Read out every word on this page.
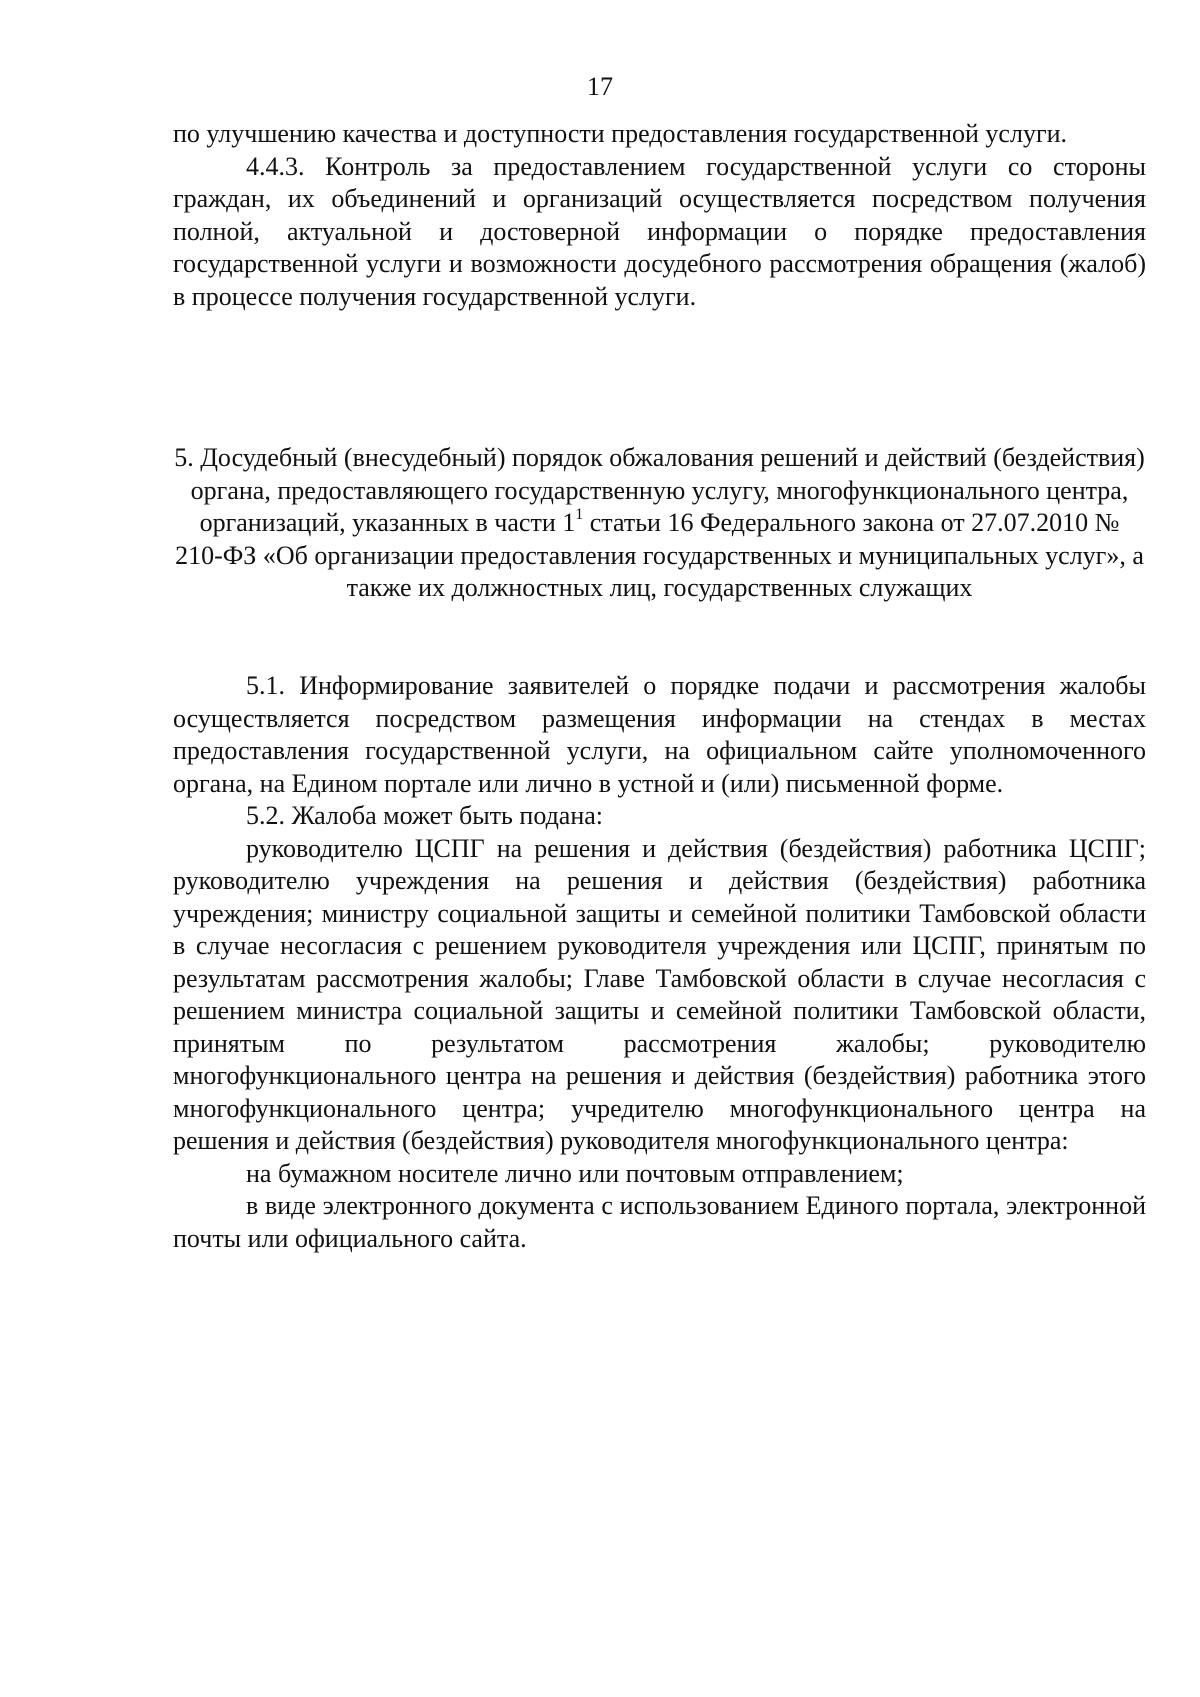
17

по улучшению качества и доступности предоставления государственной услуги.

4.4.3. Контроль за предоставлением государственной услуги со стороны граждан, их объединений и организаций осуществляется посредством получения полной, актуальной и достоверной информации о порядке предоставления государственной услуги и возможности досудебного рассмотрения обращения (жалоб) в процессе получения государственной услуги.

5. Досудебный (внесудебный) порядок обжалования решений и действий (бездействия) органа, предоставляющего государственную услугу, многофункционального центра, организаций, указанных в части $1^1$ статьи 16 Федерального закона от 27.07.2010 № 210-ФЗ «Об организации предоставления государственных и муниципальных услуг», а также их должностных лиц, государственных служащих

5.1. Информирование заявителей о порядке подачи и рассмотрения жалобы осуществляется посредством размещения информации на стендах в местах предоставления государственной услуги, на официальном сайте уполномоченного органа, на Едином портале или лично в устной и (или) письменной форме.

5.2. Жалоба может быть подана:

руководителю ЦСПГ на решения и действия (бездействия) работника ЦСПГ; руководителю учреждения на решения и действия (бездействия) работника учреждения; министру социальной защиты и семейной политики Тамбовской области в случае несогласия с решением руководителя учреждения или ЦСПГ, принятым по результатам рассмотрения жалобы; Главе Тамбовской области в случае несогласия с решением министра социальной защиты и семейной политики Тамбовской области, принятым по результатом рассмотрения жалобы; руководителю многофункционального центра на решения и действия (бездействия) работника этого многофункционального центра; учредителю многофункционального центра на решения и действия (бездействия) руководителя многофункционального центра:

на бумажном носителе лично или почтовым отправлением;

в виде электронного документа с использованием Единого портала, электронной почты или официального сайта.
